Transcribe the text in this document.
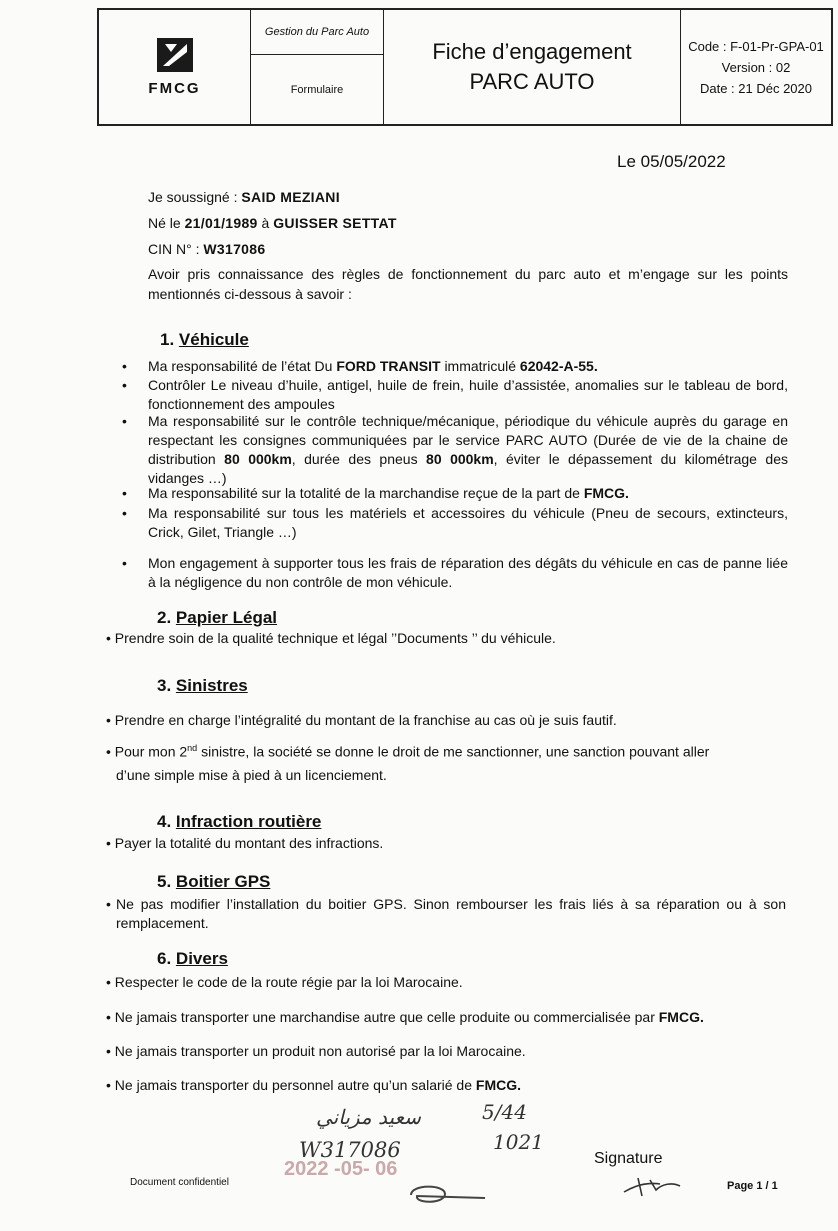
FMCG
Gestion du Parc Auto
Formulaire
Fiche d’engagement
PARC AUTO
Code : F-01-Pr-GPA-01
Version : 02
Date : 21 Déc 2020
Le 05/05/2022
Je soussigné : SAID MEZIANI
Né le 21/01/1989 à GUISSER SETTAT
CIN N° : W317086

Avoir pris connaissance des règles de fonctionnement du parc auto et m’engage sur les points mentionnés ci-dessous à savoir :

1. Véhicule
• Ma responsabilité de l’état Du FORD TRANSIT immatriculé 62042-A-55.
• Contrôler Le niveau d’huile, antigel, huile de frein, huile d’assistée, anomalies sur le tableau de bord, fonctionnement des ampoules
• Ma responsabilité sur le contrôle technique/mécanique, périodique du véhicule auprès du garage en respectant les consignes communiquées par le service PARC AUTO (Durée de vie de la chaine de distribution 80 000km, durée des pneus 80 000km, éviter le dépassement du kilométrage des vidanges …)
• Ma responsabilité sur la totalité de la marchandise reçue de la part de FMCG.
• Ma responsabilité sur tous les matériels et accessoires du véhicule (Pneu de secours, extincteurs, Crick, Gilet, Triangle …)
• Mon engagement à supporter tous les frais de réparation des dégâts du véhicule en cas de panne liée à la négligence du non contrôle de mon véhicule.
2. Papier Légal
• Prendre soin de la qualité technique et légal ’’Documents ’’ du véhicule.
3. Sinistres
• Prendre en charge l’intégralité du montant de la franchise au cas où je suis fautif.
• Pour mon 2nd sinistre, la société se donne le droit de me sanctionner, une sanction pouvant aller
d’une simple mise à pied à un licenciement.
4. Infraction routière
• Payer la totalité du montant des infractions.
5. Boitier GPS
• Ne pas modifier l’installation du boitier GPS. Sinon rembourser les frais liés à sa réparation ou à son remplacement.
6. Divers
• Respecter le code de la route régie par la loi Marocaine.
• Ne jamais transporter une marchandise autre que celle produite ou commercialisée par FMCG.
• Ne jamais transporter un produit non autorisé par la loi Marocaine.
• Ne jamais transporter du personnel autre qu’un salarié de FMCG.
سعيد مزياني
W317086
5/44
1021
Document confidentiel
Signature
2022 -05- 06
Page 1 / 1
